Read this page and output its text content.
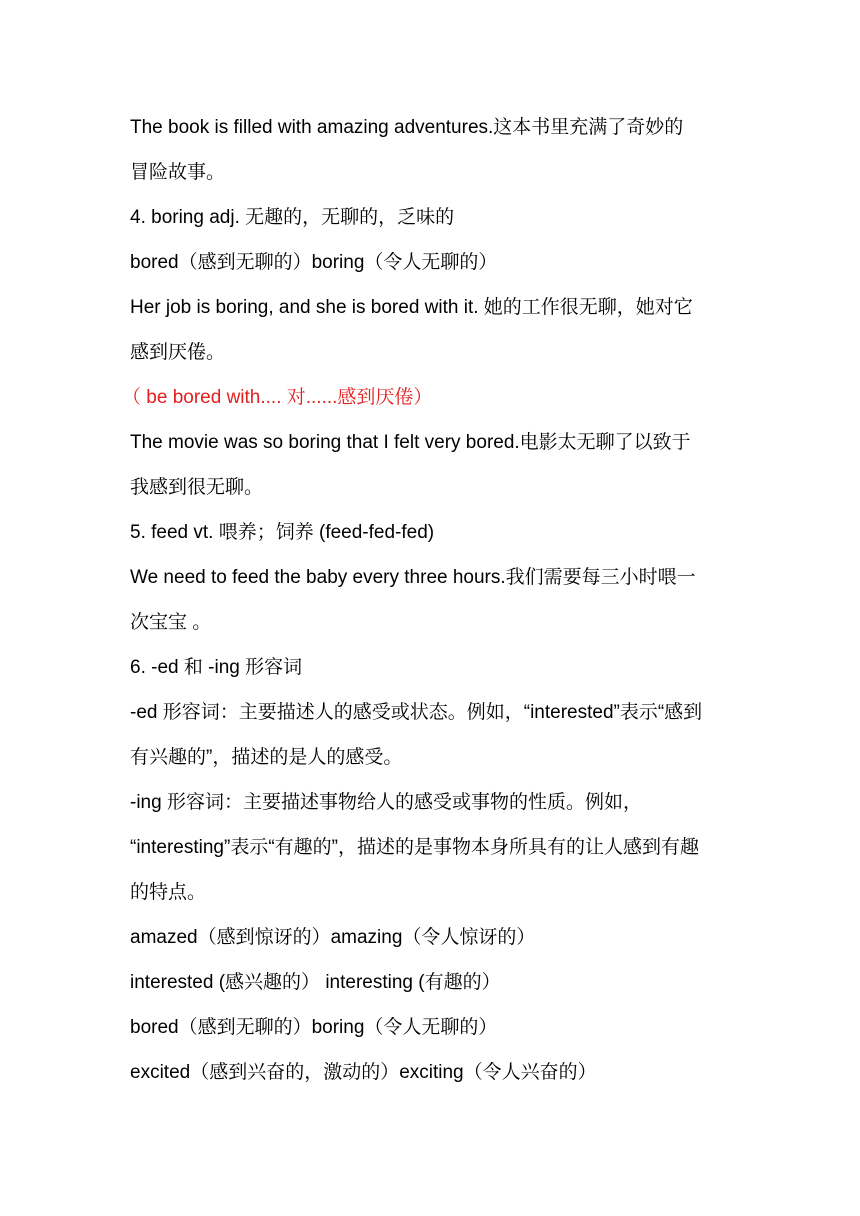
The book is filled with amazing adventures.这本书里充满了奇妙的
冒险故事。
4. boring adj. 无趣的，无聊的，乏味的
bored（感到无聊的）boring（令人无聊的）
Her job is boring, and she is bored with it. 她的工作很无聊，她对它
感到厌倦。
（ be bored with.... 对......感到厌倦）
The movie was so boring that I felt very bored.电影太无聊了以致于
我感到很无聊。
5. feed vt. 喂养；饲养 (feed-fed-fed)
We need to feed the baby every three hours.我们需要每三小时喂一
次宝宝 。
6. -ed 和 -ing 形容词
-ed 形容词：主要描述人的感受或状态。例如，“interested”表示“感到
有兴趣的”，描述的是人的感受。
-ing 形容词：主要描述事物给人的感受或事物的性质。例如，
“interesting”表示“有趣的”，描述的是事物本身所具有的让人感到有趣
的特点。
amazed（感到惊讶的）amazing（令人惊讶的）
interested (感兴趣的） interesting (有趣的）
bored（感到无聊的）boring（令人无聊的）
excited（感到兴奋的，激动的）exciting（令人兴奋的）
